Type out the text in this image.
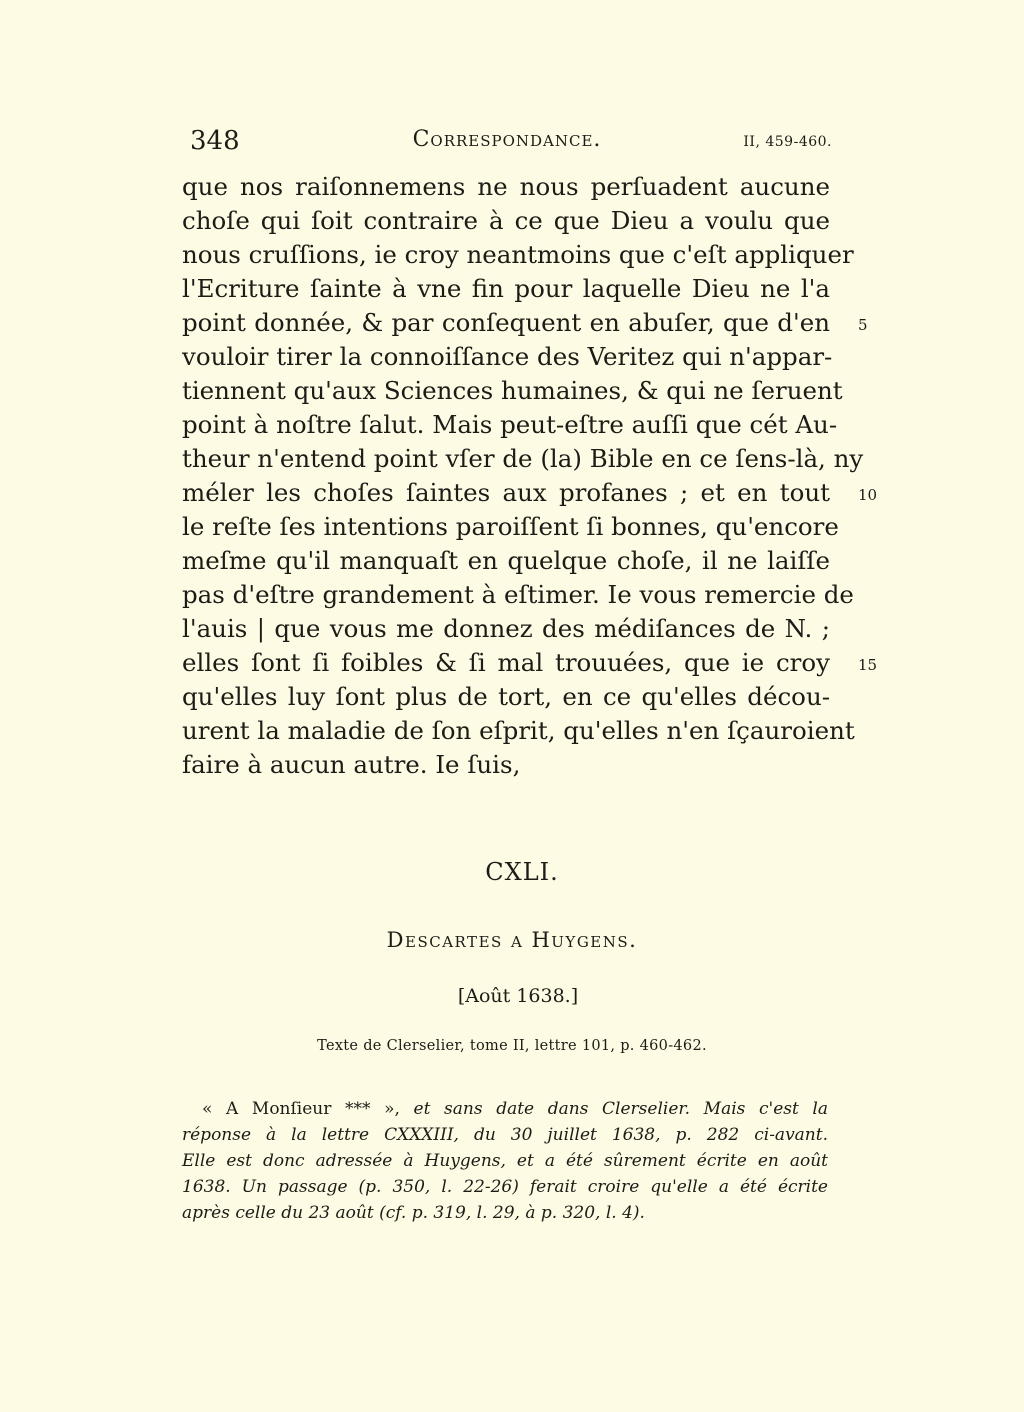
348	Correspondance.	II, 459-460.
que nos raiſonnemens ne nous perſuadent aucune
choſe qui ſoit contraire à ce que Dieu a voulu que
nous cruſſions, ie croy neantmoins que c'eſt appliquer
l'Ecriture ſainte à vne fin pour laquelle Dieu ne l'a
point donnée, & par conſequent en abuſer, que d'en 5
vouloir tirer la connoiſſance des Veritez qui n'appar-
tiennent qu'aux Sciences humaines, & qui ne ſeruent
point à noſtre ſalut. Mais peut-eſtre auſſi que cét Au-
theur n'entend point vſer de (la) Bible en ce ſens-là, ny
méler les choſes ſaintes aux profanes ; et en tout 10
le reſte ſes intentions paroiſſent ſi bonnes, qu'encore
meſme qu'il manquaſt en quelque choſe, il ne laiſſe
pas d'eſtre grandement à eſtimer. Ie vous remercie de
l'auis | que vous me donnez des médiſances de N. ;
elles ſont ſi foibles & ſi mal trouuées, que ie croy 15
qu'elles luy ſont plus de tort, en ce qu'elles décou-
urent la maladie de ſon eſprit, qu'elles n'en ſçauroient
faire à aucun autre. Ie ſuis,
CXLI.
Descartes a Huygens.
[Août 1638.]
Texte de Clerselier, tome II, lettre 101, p. 460-462.
« A Monſieur *** », et sans date dans Clerselier. Mais c'est la
réponse à la lettre CXXXIII, du 30 juillet 1638, p. 282 ci-avant.
Elle est donc adressée à Huygens, et a été sûrement écrite en août
1638. Un passage (p. 350, l. 22-26) ferait croire qu'elle a été écrite
après celle du 23 août (cf. p. 319, l. 29, à p. 320, l. 4).
